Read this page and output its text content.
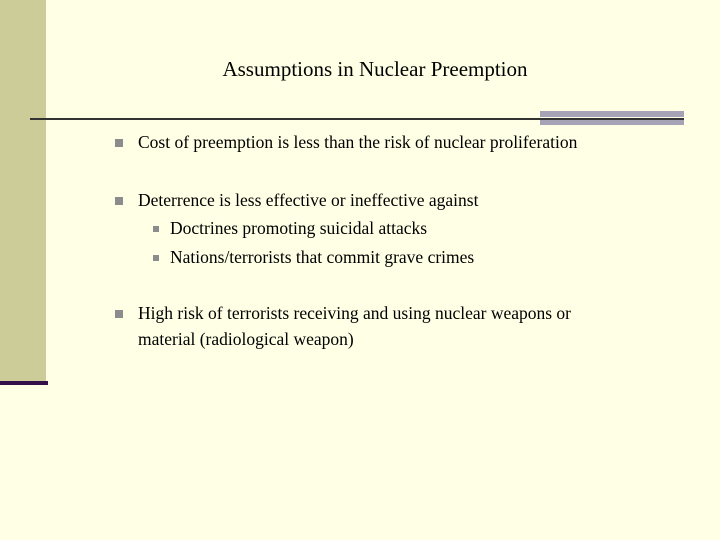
Assumptions in Nuclear Preemption
Cost of preemption is less than the risk of nuclear proliferation
Deterrence is less effective or ineffective against
Doctrines promoting suicidal attacks
Nations/terrorists that commit grave crimes
High risk of terrorists receiving and using nuclear weapons or
material (radiological weapon)
